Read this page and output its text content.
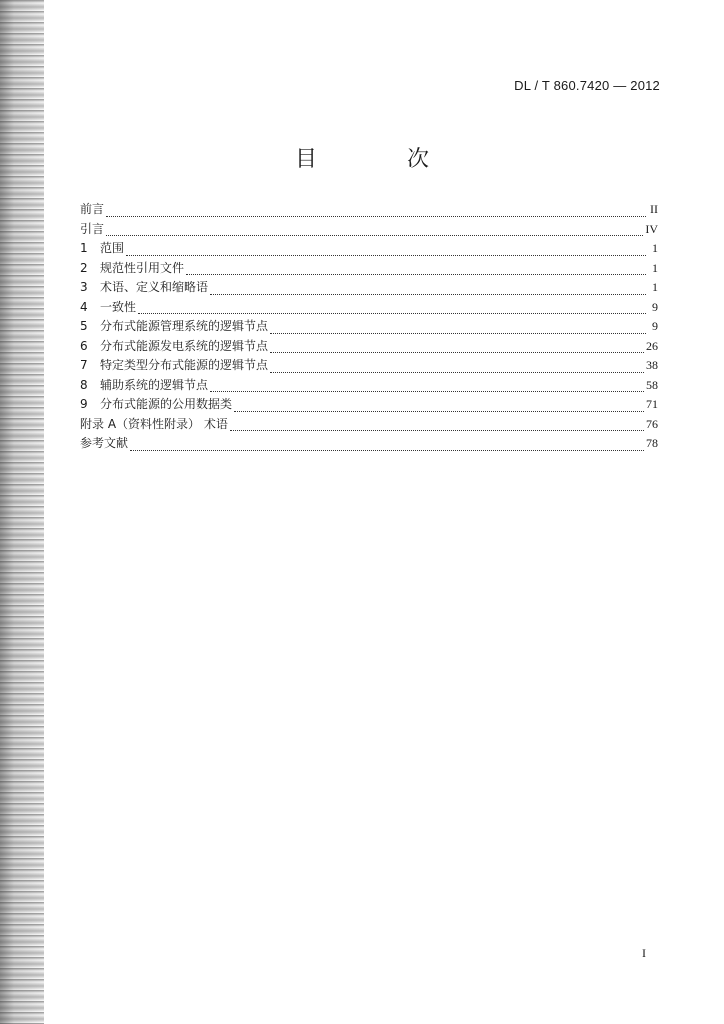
DL / T 860.7420 — 2012
目　次
前言	II
引言	IV
1	范围	1
2	规范性引用文件	1
3	术语、定义和缩略语	1
4	一致性	9
5	分布式能源管理系统的逻辑节点	9
6	分布式能源发电系统的逻辑节点	26
7	特定类型分布式能源的逻辑节点	38
8	辅助系统的逻辑节点	58
9	分布式能源的公用数据类	71
附录 A（资料性附录） 术语	76
参考文献	78
I
